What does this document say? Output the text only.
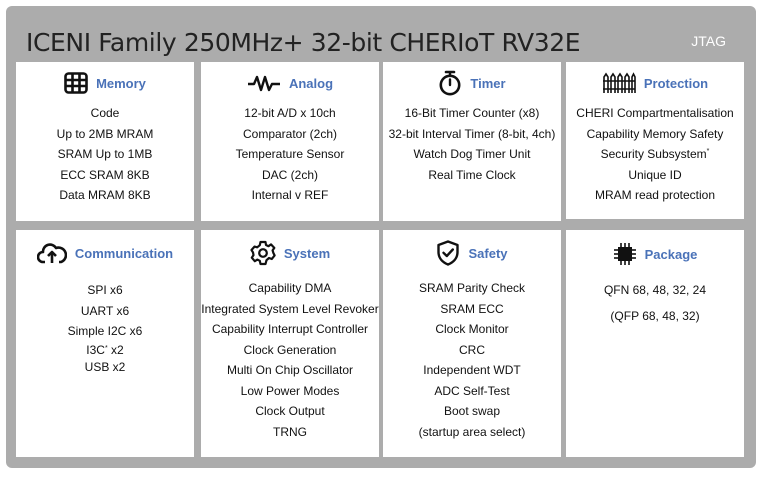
ICENI Family 250MHz+ 32-bit CHERIoT RV32E	JTAG
Memory
Code
Up to 2MB MRAM
SRAM Up to 1MB
ECC SRAM 8KB
Data MRAM 8KB
Analog
12-bit A/D x 10ch
Comparator (2ch)
Temperature Sensor
DAC (2ch)
Internal v REF
Timer
16-Bit Timer Counter (x8)
32-bit Interval Timer (8-bit, 4ch)
Watch Dog Timer Unit
Real Time Clock
Protection
CHERI Compartmentalisation
Capability Memory Safety
Security Subsystem*
Unique ID
MRAM read protection
Communication
SPI x6
UART x6
Simple I2C x6
I3C* x2
USB x2
System
Capability DMA
Integrated System Level Revoker
Capability Interrupt Controller
Clock Generation
Multi On Chip Oscillator
Low Power Modes
Clock Output
TRNG
Safety
SRAM Parity Check
SRAM ECC
Clock Monitor
CRC
Independent WDT
ADC Self-Test
Boot swap
(startup area select)
Package
QFN 68, 48, 32, 24
(QFP 68, 48, 32)
